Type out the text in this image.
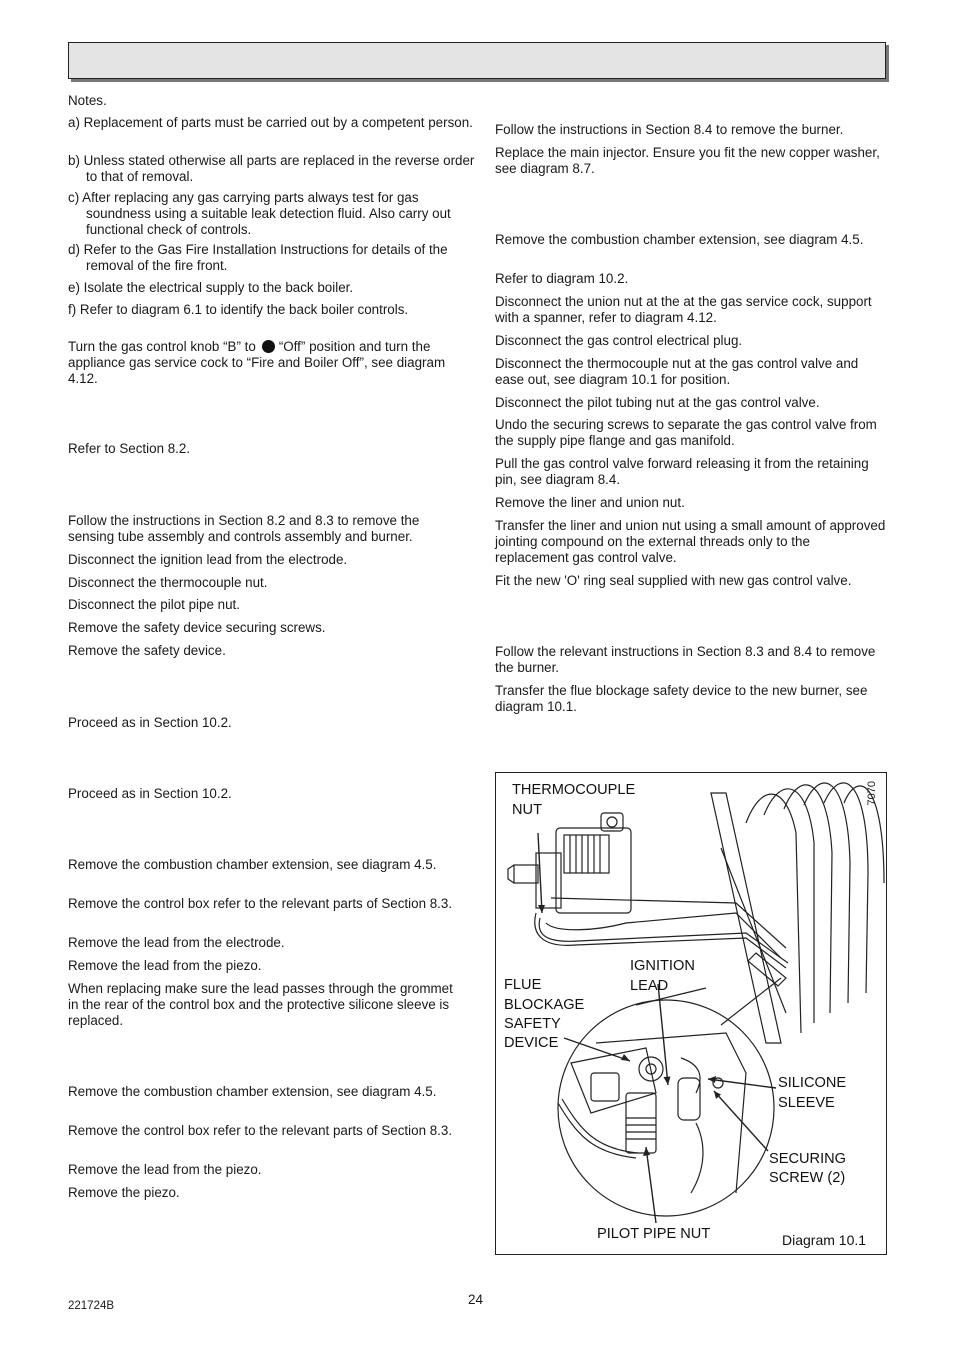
Notes.

a) Replacement of parts must be carried out by a competent person.

b) Unless stated otherwise all parts are replaced in the reverse order to that of removal.

c) After replacing any gas carrying parts always test for gas soundness using a suitable leak detection fluid. Also carry out functional check of controls.

d) Refer to the Gas Fire Installation Instructions for details of the removal of the fire front.

e) Isolate the electrical supply to the back boiler.

f) Refer to diagram 6.1 to identify the back boiler controls.

Turn the gas control knob “B” to “Off” position and turn the appliance gas service cock to “Fire and Boiler Off”, see diagram 4.12.

Refer to Section 8.2.

Follow the instructions in Section 8.2 and 8.3 to remove the sensing tube assembly and controls assembly and burner.

Disconnect the ignition lead from the electrode.

Disconnect the thermocouple nut.

Disconnect the pilot pipe nut.

Remove the safety device securing screws.

Remove the safety device.

Proceed as in Section 10.2.

Proceed as in Section 10.2.

Remove the combustion chamber extension, see diagram 4.5.

Remove the control box refer to the relevant parts of Section 8.3.

Remove the lead from the electrode.

Remove the lead from the piezo.

When replacing make sure the lead passes through the grommet in the rear of the control box and the protective silicone sleeve is replaced.

Remove the combustion chamber extension, see diagram 4.5.

Remove the control box refer to the relevant parts of Section 8.3.

Remove the lead from the piezo.

Remove the piezo.

Follow the instructions in Section 8.4 to remove the burner.

Replace the main injector. Ensure you fit the new copper washer, see diagram 8.7.

Remove the combustion chamber extension, see diagram 4.5.

Refer to diagram 10.2.

Disconnect the union nut at the at the gas service cock, support with a spanner, refer to diagram 4.12.

Disconnect the gas control electrical plug.

Disconnect the thermocouple nut at the gas control valve and ease out, see diagram 10.1 for position.

Disconnect the pilot tubing nut at the gas control valve.

Undo the securing screws to separate the gas control valve from the supply pipe flange and gas manifold.

Pull the gas control valve forward releasing it from the retaining pin, see diagram 8.4.

Remove the liner and union nut.

Transfer the liner and union nut using a small amount of approved jointing compound on the external threads only to the replacement gas control valve.

Fit the new 'O' ring seal supplied with new gas control valve.

Follow the relevant instructions in Section 8.3 and 8.4 to remove the burner.

Transfer the flue blockage safety device to the new burner, see diagram 10.1.

THERMOCOUPLE
NUT
IGNITION
LEAD
FLUE
BLOCKAGE
SAFETY
DEVICE
SILICONE
SLEEVE
SECURING
SCREW (2)
PILOT PIPE NUT	Diagram 10.1
7070
221724B	24
